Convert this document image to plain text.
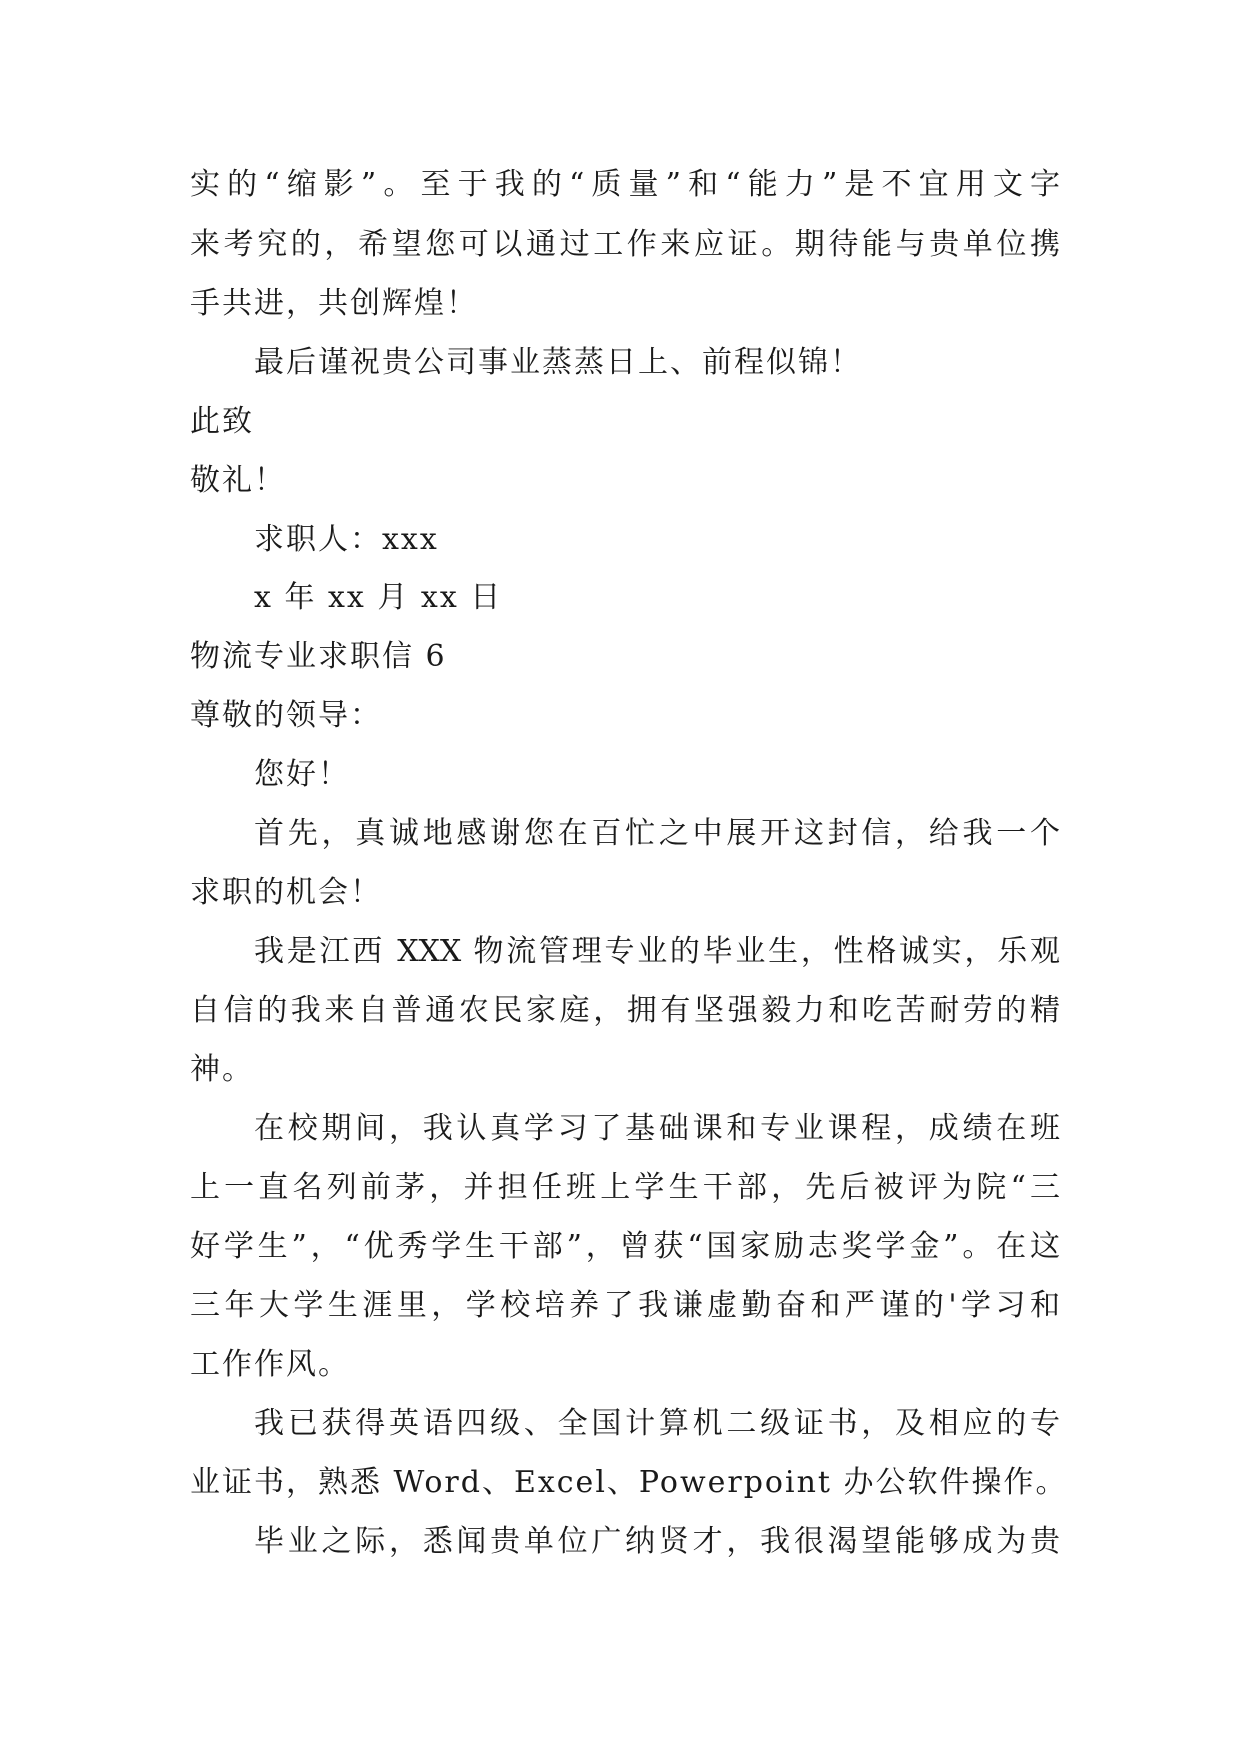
实的“缩影”。至于我的“质量”和“能力”是不宜用文字
来考究的，希望您可以通过工作来应证。期待能与贵单位携
手共进，共创辉煌！
最后谨祝贵公司事业蒸蒸日上、前程似锦！
此致
敬礼！
求职人：xxx
x 年 xx 月 xx 日
物流专业求职信 6
尊敬的领导：
您好！
首先，真诚地感谢您在百忙之中展开这封信，给我一个
求职的机会！
我是江西 XXX 物流管理专业的毕业生，性格诚实，乐观
自信的我来自普通农民家庭，拥有坚强毅力和吃苦耐劳的精
神。
在校期间，我认真学习了基础课和专业课程，成绩在班
上一直名列前茅，并担任班上学生干部，先后被评为院“三
好学生”，“优秀学生干部”，曾获“国家励志奖学金”。在这
三年大学生涯里，学校培养了我谦虚勤奋和严谨的'学习和
工作作风。
我已获得英语四级、全国计算机二级证书，及相应的专
业证书，熟悉 Word、Excel、Powerpoint 办公软件操作。
毕业之际，悉闻贵单位广纳贤才，我很渴望能够成为贵
